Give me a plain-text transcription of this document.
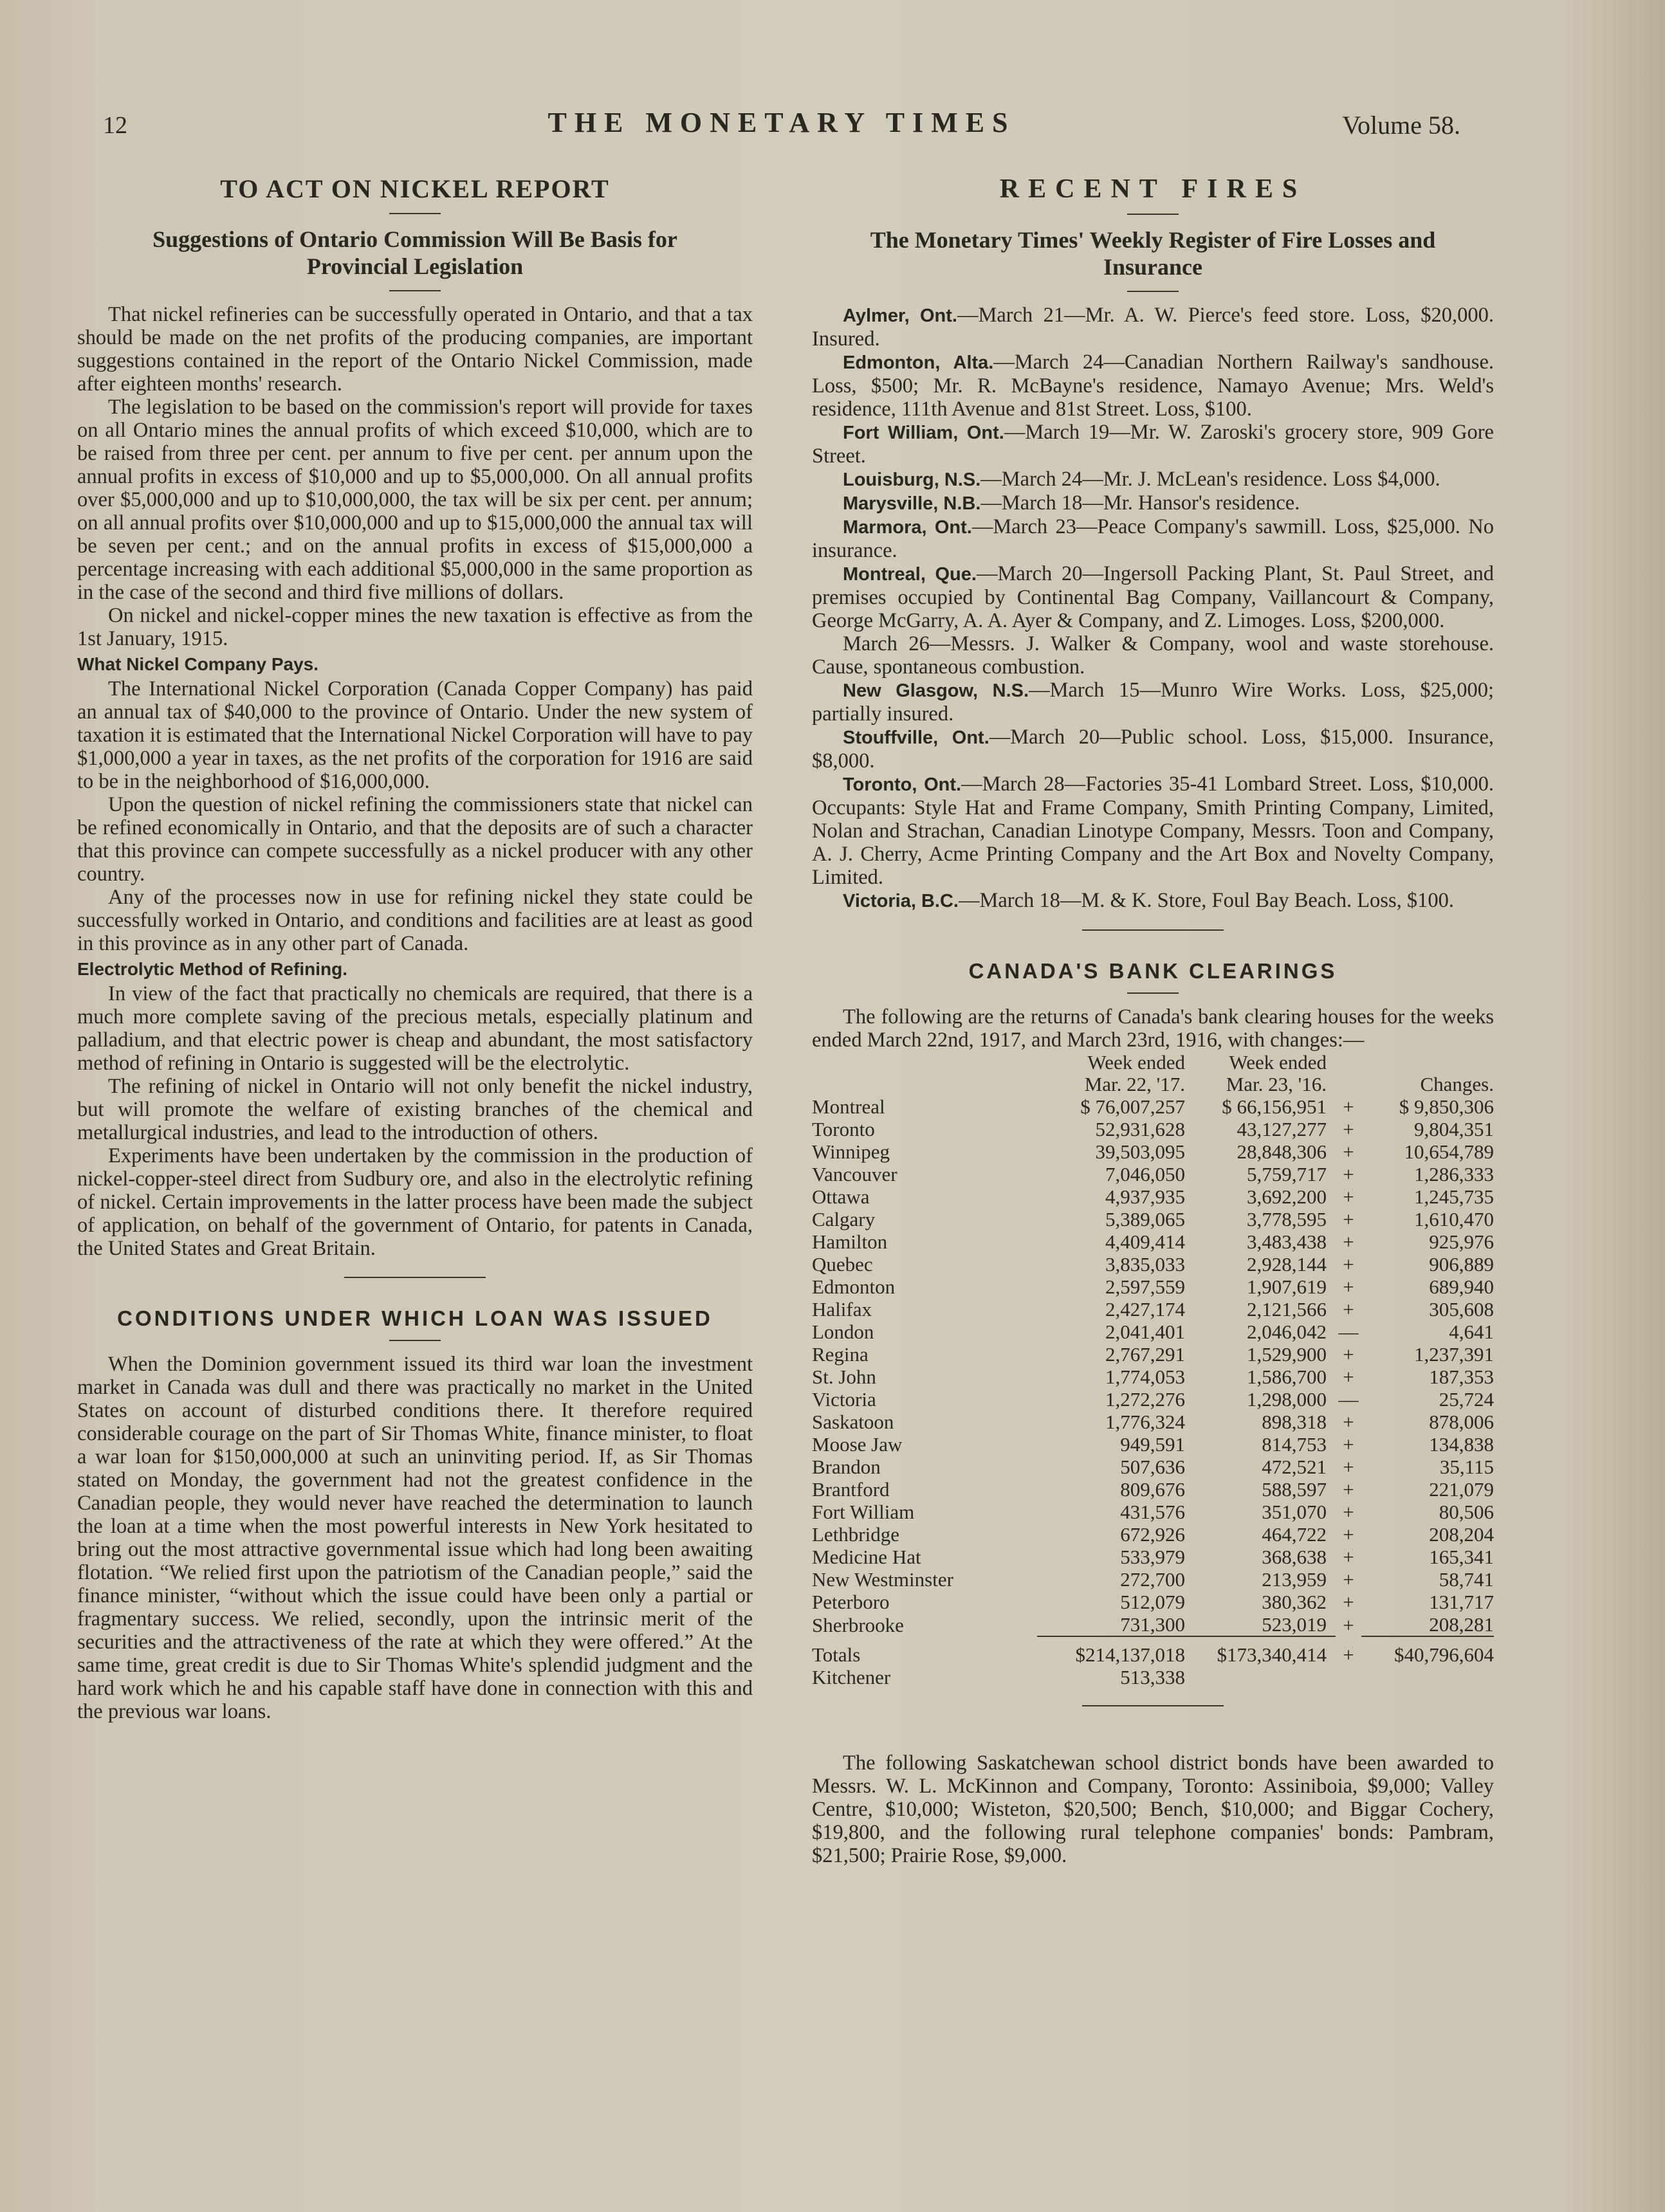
12	THE MONETARY TIMES	Volume 58.
TO ACT ON NICKEL REPORT
Suggestions of Ontario Commission Will Be Basis for Provincial Legislation

That nickel refineries can be successfully operated in Ontario, and that a tax should be made on the net profits of the producing companies, are important suggestions contained in the report of the Ontario Nickel Commission, made after eighteen months' research.

The legislation to be based on the commission's report will provide for taxes on all Ontario mines the annual profits of which exceed $10,000, which are to be raised from three per cent. per annum to five per cent. per annum upon the annual profits in excess of $10,000 and up to $5,000,000. On all annual profits over $5,000,000 and up to $10,000,000, the tax will be six per cent. per annum; on all annual profits over $10,000,000 and up to $15,000,000 the annual tax will be seven per cent.; and on the annual profits in excess of $15,000,000 a percentage increasing with each additional $5,000,000 in the same proportion as in the case of the second and third five millions of dollars.

On nickel and nickel-copper mines the new taxation is effective as from the 1st January, 1915.

What Nickel Company Pays.

The International Nickel Corporation (Canada Copper Company) has paid an annual tax of $40,000 to the province of Ontario. Under the new system of taxation it is estimated that the International Nickel Corporation will have to pay $1,000,000 a year in taxes, as the net profits of the corporation for 1916 are said to be in the neighborhood of $16,000,000.

Upon the question of nickel refining the commissioners state that nickel can be refined economically in Ontario, and that the deposits are of such a character that this province can compete successfully as a nickel producer with any other country.

Any of the processes now in use for refining nickel they state could be successfully worked in Ontario, and conditions and facilities are at least as good in this province as in any other part of Canada.

Electrolytic Method of Refining.

In view of the fact that practically no chemicals are required, that there is a much more complete saving of the precious metals, especially platinum and palladium, and that electric power is cheap and abundant, the most satisfactory method of refining in Ontario is suggested will be the electrolytic.

The refining of nickel in Ontario will not only benefit the nickel industry, but will promote the welfare of existing branches of the chemical and metallurgical industries, and lead to the introduction of others.

Experiments have been undertaken by the commission in the production of nickel-copper-steel direct from Sudbury ore, and also in the electrolytic refining of nickel. Certain improvements in the latter process have been made the subject of application, on behalf of the government of Ontario, for patents in Canada, the United States and Great Britain.

CONDITIONS UNDER WHICH LOAN WAS ISSUED

When the Dominion government issued its third war loan the investment market in Canada was dull and there was practically no market in the United States on account of disturbed conditions there. It therefore required considerable courage on the part of Sir Thomas White, finance minister, to float a war loan for $150,000,000 at such an uninviting period. If, as Sir Thomas stated on Monday, the government had not the greatest confidence in the Canadian people, they would never have reached the determination to launch the loan at a time when the most powerful interests in New York hesitated to bring out the most attractive governmental issue which had long been awaiting flotation. “We relied first upon the patriotism of the Canadian people,” said the finance minister, “without which the issue could have been only a partial or fragmentary success. We relied, secondly, upon the intrinsic merit of the securities and the attractiveness of the rate at which they were offered.” At the same time, great credit is due to Sir Thomas White's splendid judgment and the hard work which he and his capable staff have done in connection with this and the previous war loans.

RECENT FIRES
The Monetary Times' Weekly Register of Fire Losses and Insurance

Aylmer, Ont.—March 21—Mr. A. W. Pierce's feed store. Loss, $20,000. Insured.

Edmonton, Alta.—March 24—Canadian Northern Railway's sandhouse. Loss, $500; Mr. R. McBayne's residence, Namayo Avenue; Mrs. Weld's residence, 111th Avenue and 81st Street. Loss, $100.

Fort William, Ont.—March 19—Mr. W. Zaroski's grocery store, 909 Gore Street.

Louisburg, N.S.—March 24—Mr. J. McLean's residence. Loss $4,000.

Marysville, N.B.—March 18—Mr. Hansor's residence.

Marmora, Ont.—March 23—Peace Company's sawmill. Loss, $25,000. No insurance.

Montreal, Que.—March 20—Ingersoll Packing Plant, St. Paul Street, and premises occupied by Continental Bag Company, Vaillancourt & Company, George McGarry, A. A. Ayer & Company, and Z. Limoges. Loss, $200,000.

March 26—Messrs. J. Walker & Company, wool and waste storehouse. Cause, spontaneous combustion.

New Glasgow, N.S.—March 15—Munro Wire Works. Loss, $25,000; partially insured.

Stouffville, Ont.—March 20—Public school. Loss, $15,000. Insurance, $8,000.

Toronto, Ont.—March 28—Factories 35-41 Lombard Street. Loss, $10,000. Occupants: Style Hat and Frame Company, Smith Printing Company, Limited, Nolan and Strachan, Canadian Linotype Company, Messrs. Toon and Company, A. J. Cherry, Acme Printing Company and the Art Box and Novelty Company, Limited.

Victoria, B.C.—March 18—M. & K. Store, Foul Bay Beach. Loss, $100.

CANADA'S BANK CLEARINGS

The following are the returns of Canada's bank clearing houses for the weeks ended March 22nd, 1917, and March 23rd, 1916, with changes:—

	Week ended	Week ended		
	Mar. 22, '17.	Mar. 23, '16.		Changes.
Montreal	$ 76,007,257	$ 66,156,951	+	$ 9,850,306
Toronto	52,931,628	43,127,277	+	9,804,351
Winnipeg	39,503,095	28,848,306	+	10,654,789
Vancouver	7,046,050	5,759,717	+	1,286,333
Ottawa	4,937,935	3,692,200	+	1,245,735
Calgary	5,389,065	3,778,595	+	1,610,470
Hamilton	4,409,414	3,483,438	+	925,976
Quebec	3,835,033	2,928,144	+	906,889
Edmonton	2,597,559	1,907,619	+	689,940
Halifax	2,427,174	2,121,566	+	305,608
London	2,041,401	2,046,042	—	4,641
Regina	2,767,291	1,529,900	+	1,237,391
St. John	1,774,053	1,586,700	+	187,353
Victoria	1,272,276	1,298,000	—	25,724
Saskatoon	1,776,324	898,318	+	878,006
Moose Jaw	949,591	814,753	+	134,838
Brandon	507,636	472,521	+	35,115
Brantford	809,676	588,597	+	221,079
Fort William	431,576	351,070	+	80,506
Lethbridge	672,926	464,722	+	208,204
Medicine Hat	533,979	368,638	+	165,341
New Westminster	272,700	213,959	+	58,741
Peterboro	512,079	380,362	+	131,717
Sherbrooke	731,300	523,019	+	208,281
Totals	$214,137,018	$173,340,414	+	$40,796,604
Kitchener	513,338			

The following Saskatchewan school district bonds have been awarded to Messrs. W. L. McKinnon and Company, Toronto: Assiniboia, $9,000; Valley Centre, $10,000; Wisteton, $20,500; Bench, $10,000; and Biggar Cochery, $19,800, and the following rural telephone companies' bonds: Pambram, $21,500; Prairie Rose, $9,000.
